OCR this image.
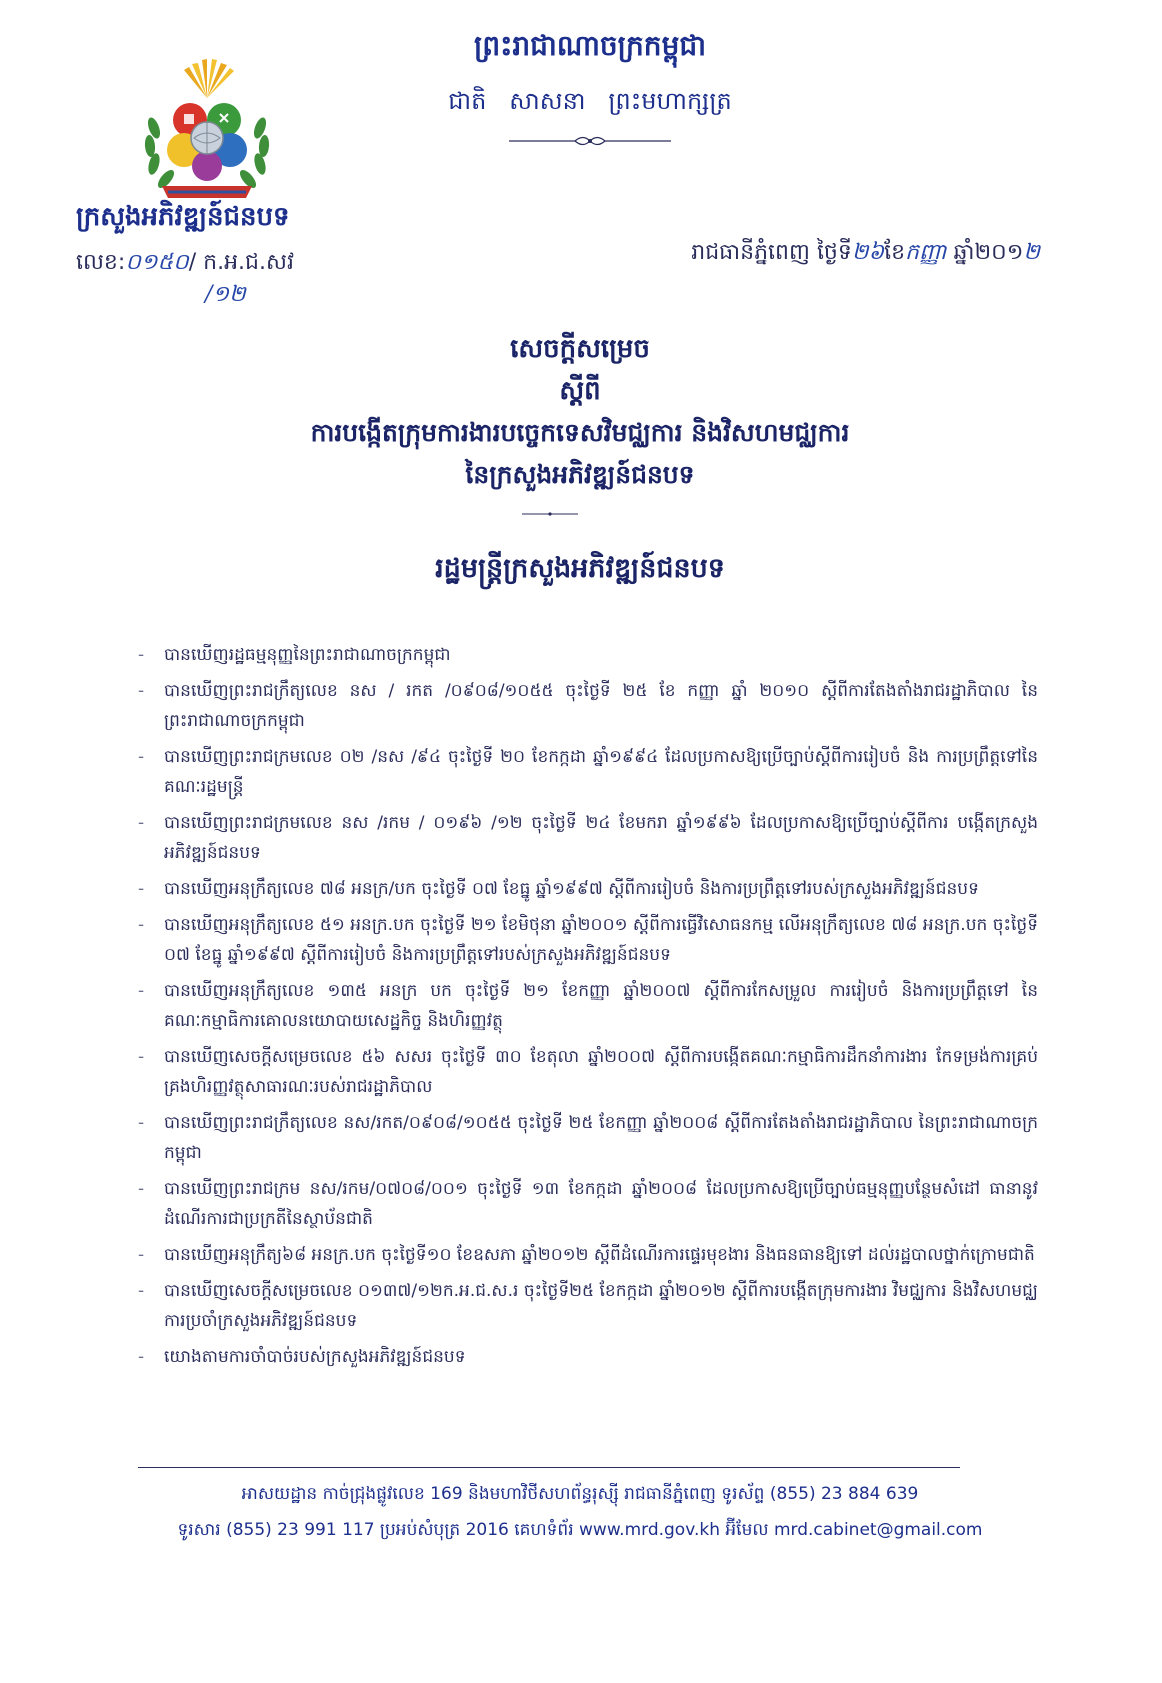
ព្រះរាជាណាចក្រកម្ពុជា
ជាតិ   សាសនា   ព្រះមហាក្សត្រ
ក្រសួងអភិវឌ្ឍន៍ជនបទ
លេខ:០១៥០/ ក.អ.ជ.សវ
/១២
រាជធានីភ្នំពេញ ថ្ងៃទី២៦ខែកញ្ញា ឆ្នាំ២០១២
សេចក្តីសម្រេច
ស្តីពី
ការបង្កើតក្រុមការងារបច្ចេកទេសវិមជ្ឈការ និងវិសហមជ្ឈការ
នៃក្រសួងអភិវឌ្ឍន៍ជនបទ
រដ្ឋមន្ត្រីក្រសួងអភិវឌ្ឍន៍ជនបទ
-	បានឃើញរដ្ឋធម្មនុញ្ញនៃព្រះរាជាណាចក្រកម្ពុជា
-	បានឃើញព្រះរាជក្រឹត្យលេខ នស / រកត /០៩០៨/១០៥៥ ចុះថ្ងៃទី ២៥ ខែ កញ្ញា ឆ្នាំ ២០១០ ស្តីពីការតែងតាំងរាជរដ្ឋាភិបាល នៃព្រះរាជាណាចក្រកម្ពុជា
-	បានឃើញព្រះរាជក្រមលេខ ០២ /នស /៩៤ ចុះថ្ងៃទី ២០ ខែកក្កដា ឆ្នាំ១៩៩៤ ដែលប្រកាសឱ្យប្រើច្បាប់ស្តីពីការរៀបចំ និង ការប្រព្រឹត្តទៅនៃគណៈរដ្ឋមន្ត្រី
-	បានឃើញព្រះរាជក្រមលេខ នស /រកម / ០១៩៦ /១២ ចុះថ្ងៃទី ២៤ ខែមករា ឆ្នាំ១៩៩៦ ដែលប្រកាសឱ្យប្រើច្បាប់ស្តីពីការ បង្កើតក្រសួងអភិវឌ្ឍន៍ជនបទ
-	បានឃើញអនុក្រឹត្យលេខ ៧៨ អនក្រ/បក ចុះថ្ងៃទី ០៧ ខែធ្នូ ឆ្នាំ១៩៩៧ ស្តីពីការរៀបចំ និងការប្រព្រឹត្តទៅរបស់ក្រសួងអភិវឌ្ឍន៍ជនបទ
-	បានឃើញអនុក្រឹត្យលេខ ៥១ អនក្រ.បក ចុះថ្ងៃទី ២១ ខែមិថុនា ឆ្នាំ២០០១ ស្តីពីការធ្វើវិសោធនកម្ម លើអនុក្រឹត្យលេខ ៧៨ អនក្រ.បក ចុះថ្ងៃទី ០៧ ខែធ្នូ ឆ្នាំ១៩៩៧ ស្តីពីការរៀបចំ និងការប្រព្រឹត្តទៅរបស់ក្រសួងអភិវឌ្ឍន៍ជនបទ
-	បានឃើញអនុក្រឹត្យលេខ ១៣៥ អនក្រ បក ចុះថ្ងៃទី ២១ ខែកញ្ញា ឆ្នាំ២០០៧ ស្តីពីការកែសម្រួល ការរៀបចំ និងការប្រព្រឹត្តទៅ នៃគណៈកម្មាធិការគោលនយោបាយសេដ្ឋកិច្ច និងហិរញ្ញវត្ថុ
-	បានឃើញសេចក្តីសម្រេចលេខ ៥៦ សសរ ចុះថ្ងៃទី ៣០ ខែតុលា ឆ្នាំ២០០៧ ស្តីពីការបង្កើតគណៈកម្មាធិការដឹកនាំការងារ កែទម្រង់ការគ្រប់គ្រងហិរញ្ញវត្ថុសាធារណៈរបស់រាជរដ្ឋាភិបាល
-	បានឃើញព្រះរាជក្រឹត្យលេខ នស/រកត/០៩០៨/១០៥៥ ចុះថ្ងៃទី ២៥ ខែកញ្ញា ឆ្នាំ២០០៨ ស្តីពីការតែងតាំងរាជរដ្ឋាភិបាល នៃព្រះរាជាណាចក្រកម្ពុជា
-	បានឃើញព្រះរាជក្រម នស/រកម/០៧០៨/០០១ ចុះថ្ងៃទី ១៣ ខែកក្កដា ឆ្នាំ២០០៨ ដែលប្រកាសឱ្យប្រើច្បាប់ធម្មនុញ្ញបន្ថែមសំដៅ ធានានូវដំណើរការជាប្រក្រតីនៃស្ថាប័នជាតិ
-	បានឃើញអនុក្រឹត្យ៦៨ អនក្រ.បក ចុះថ្ងៃទី១០ ខែឧសភា ឆ្នាំ២០១២ ស្តីពីដំណើរការផ្ទេរមុខងារ និងធនធានឱ្យទៅ ដល់រដ្ឋបាលថ្នាក់ក្រោមជាតិ
-	បានឃើញសេចក្តីសម្រេចលេខ ០១៣៧/១២ក.អ.ជ.ស.រ ចុះថ្ងៃទី២៥ ខែកក្កដា ឆ្នាំ២០១២ ស្តីពីការបង្កើតក្រុមការងារ វិមជ្ឈការ និងវិសហមជ្ឈការប្រចាំក្រសួងអភិវឌ្ឍន៍ជនបទ
-	យោងតាមការចាំបាច់របស់ក្រសួងអភិវឌ្ឍន៍ជនបទ
អាសយដ្ឋាន កាច់ជ្រុងផ្លូវលេខ 169 និងមហាវិថីសហព័ន្ធរុស្ស៊ី រាជធានីភ្នំពេញ ទូរស័ព្ទ (855) 23 884 639
ទូរសារ (855) 23 991 117 ប្រអប់សំបុត្រ 2016 គេហទំព័រ www.mrd.gov.kh អ៊ីមែល mrd.cabinet@gmail.com
